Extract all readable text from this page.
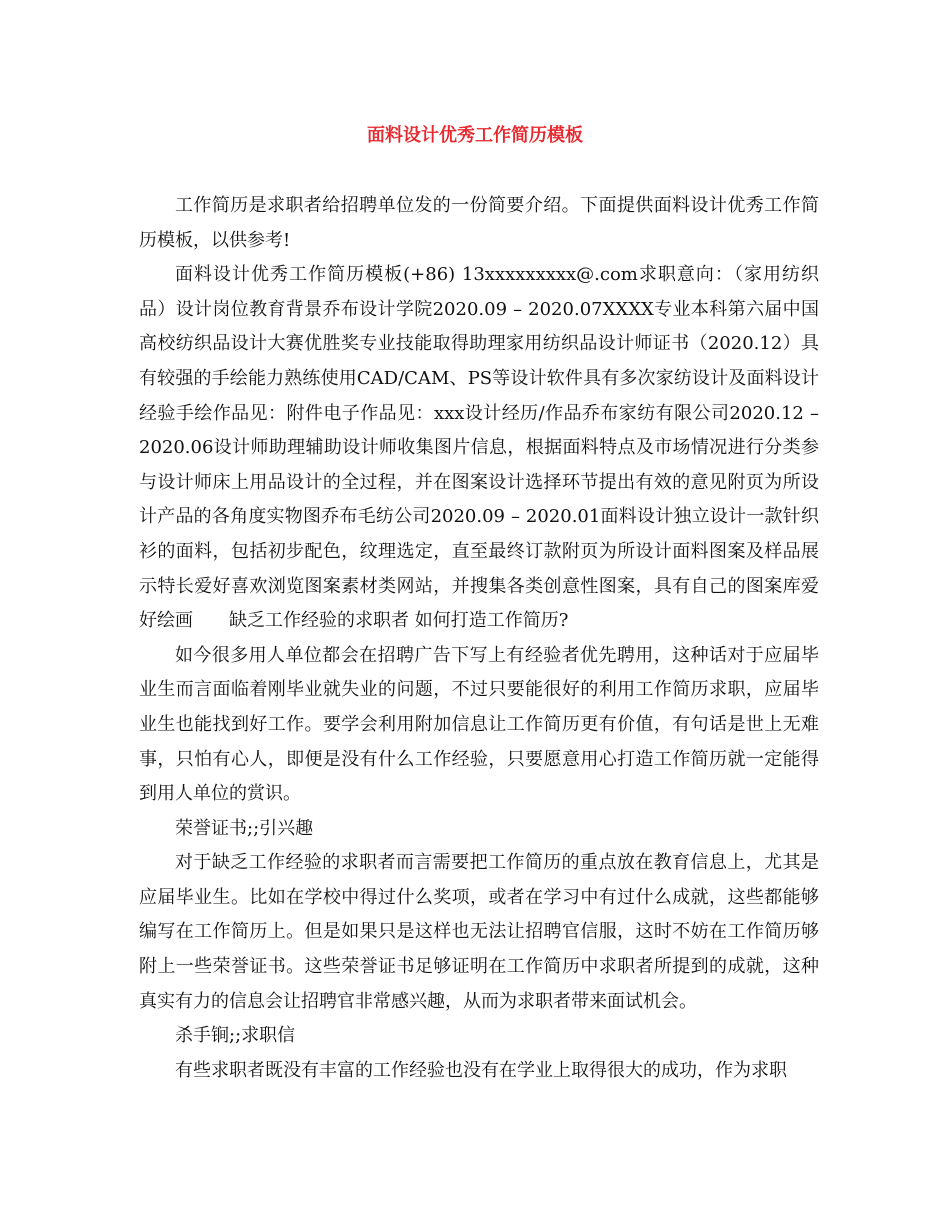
面料设计优秀工作简历模板

工作简历是求职者给招聘单位发的一份简要介绍。下面提供面料设计优秀工作简历模板，以供参考!

面料设计优秀工作简历模板(+86) 13xxxxxxxxx@.com求职意向：（家用纺织品）设计岗位教育背景乔布设计学院2020.09 – 2020.07XXXX专业本科第六届中国高校纺织品设计大赛优胜奖专业技能取得助理家用纺织品设计师证书（2020.12）具有较强的手绘能力熟练使用CAD/CAM、PS等设计软件具有多次家纺设计及面料设计经验手绘作品见：附件电子作品见：xxx设计经历/作品乔布家纺有限公司2020.12 – 2020.06设计师助理辅助设计师收集图片信息，根据面料特点及市场情况进行分类参与设计师床上用品设计的全过程，并在图案设计选择环节提出有效的意见附页为所设计产品的各角度实物图乔布毛纺公司2020.09 – 2020.01面料设计独立设计一款针织衫的面料，包括初步配色，纹理选定，直至最终订款附页为所设计面料图案及样品展示特长爱好喜欢浏览图案素材类网站，并搜集各类创意性图案，具有自己的图案库爱好绘画　　缺乏工作经验的求职者 如何打造工作简历?

如今很多用人单位都会在招聘广告下写上有经验者优先聘用，这种话对于应届毕业生而言面临着刚毕业就失业的问题，不过只要能很好的利用工作简历求职，应届毕业生也能找到好工作。要学会利用附加信息让工作简历更有价值，有句话是世上无难事，只怕有心人，即便是没有什么工作经验，只要愿意用心打造工作简历就一定能得到用人单位的赏识。

荣誉证书;;引兴趣

对于缺乏工作经验的求职者而言需要把工作简历的重点放在教育信息上，尤其是应届毕业生。比如在学校中得过什么奖项，或者在学习中有过什么成就，这些都能够编写在工作简历上。但是如果只是这样也无法让招聘官信服，这时不妨在工作简历够附上一些荣誉证书。这些荣誉证书足够证明在工作简历中求职者所提到的成就，这种真实有力的信息会让招聘官非常感兴趣，从而为求职者带来面试机会。

杀手锏;;求职信

有些求职者既没有丰富的工作经验也没有在学业上取得很大的成功，作为求职
